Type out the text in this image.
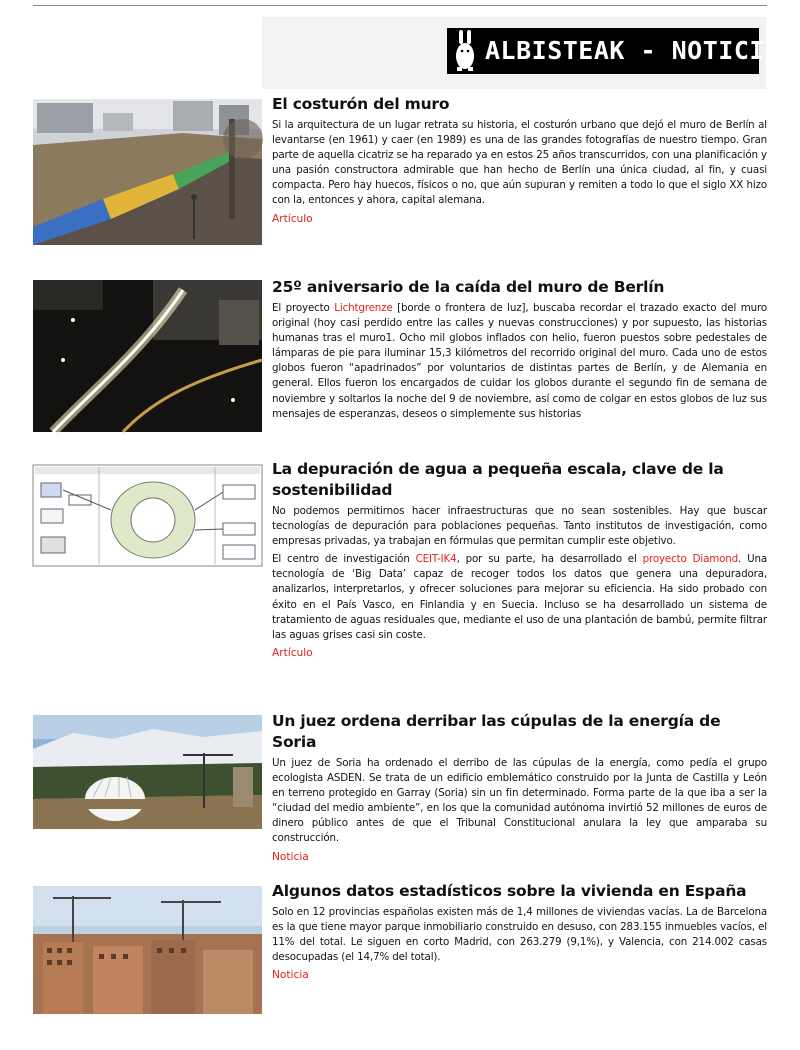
ALBISTEAK - NOTICIAS
El costurón del muro
Si la arquitectura de un lugar retrata su historia, el costurón urbano que dejó el muro de Berlín al levantarse (en 1961) y caer (en 1989) es una de las grandes fotografías de nuestro tiempo. Gran parte de aquella cicatriz se ha reparado ya en estos 25 años transcurridos, con una planificación y una pasión constructora admirable que han hecho de Berlín una única ciudad, al fin, y cuasi compacta. Pero hay huecos, físicos o no, que aún supuran y remiten a todo lo que el siglo XX hizo con la, entonces y ahora, capital alemana.
Artículo
25º aniversario de la caída del muro de Berlín
El proyecto Lichtgrenze [borde o frontera de luz], buscaba recordar el trazado exacto del muro original (hoy casi perdido entre las calles y nuevas construcciones) y por supuesto, las historias humanas tras el muro1. Ocho mil globos inflados con helio, fueron puestos sobre pedestales de lámparas de pie para iluminar 15,3 kilómetros del recorrido original del muro. Cada uno de estos globos fueron “apadrinados” por voluntarios de distintas partes de Berlín, y de Alemania en general. Ellos fueron los encargados de cuidar los globos durante el segundo fin de semana de noviembre y soltarlos la noche del 9 de noviembre, así como de colgar en estos globos de luz sus mensajes de esperanzas, deseos o simplemente sus historias
La depuración de agua a pequeña escala, clave de la sostenibilidad
No podemos permitirnos hacer infraestructuras que no sean sostenibles. Hay que buscar tecnologías de depuración para poblaciones pequeñas. Tanto institutos de investigación, como empresas privadas, ya trabajan en fórmulas que permitan cumplir este objetivo.
El centro de investigación CEIT-IK4, por su parte, ha desarrollado el proyecto Diamond. Una tecnología de ‘Big Data’ capaz de recoger todos los datos que genera una depuradora, analizarlos, interpretarlos, y ofrecer soluciones para mejorar su eficiencia. Ha sido probado con éxito en el País Vasco, en Finlandia y en Suecia. Incluso se ha desarrollado un sistema de tratamiento de aguas residuales que, mediante el uso de una plantación de bambú, permite filtrar las aguas grises casi sin coste.
Artículo
Un juez ordena derribar las cúpulas de la energía de Soria
Un juez de Soria ha ordenado el derribo de las cúpulas de la energía, como pedía el grupo ecologista ASDEN. Se trata de un edificio emblemático construido por la Junta de Castilla y León en terreno protegido en Garray (Soria) sin un fin determinado. Forma parte de la que iba a ser la “ciudad del medio ambiente”, en los que la comunidad autónoma invirtió 52 millones de euros de dinero público antes de que el Tribunal Constitucional anulara la ley que amparaba su construcción.
Noticia
Algunos datos estadísticos sobre la vivienda en España
Solo en 12 provincias españolas existen más de 1,4 millones de viviendas vacías. La de Barcelona es la que tiene mayor parque inmobiliario construido en desuso, con 283.155 inmuebles vacíos, el 11% del total. Le siguen en corto Madrid, con 263.279 (9,1%), y Valencia, con 214.002 casas desocupadas (el 14,7% del total).
Noticia
